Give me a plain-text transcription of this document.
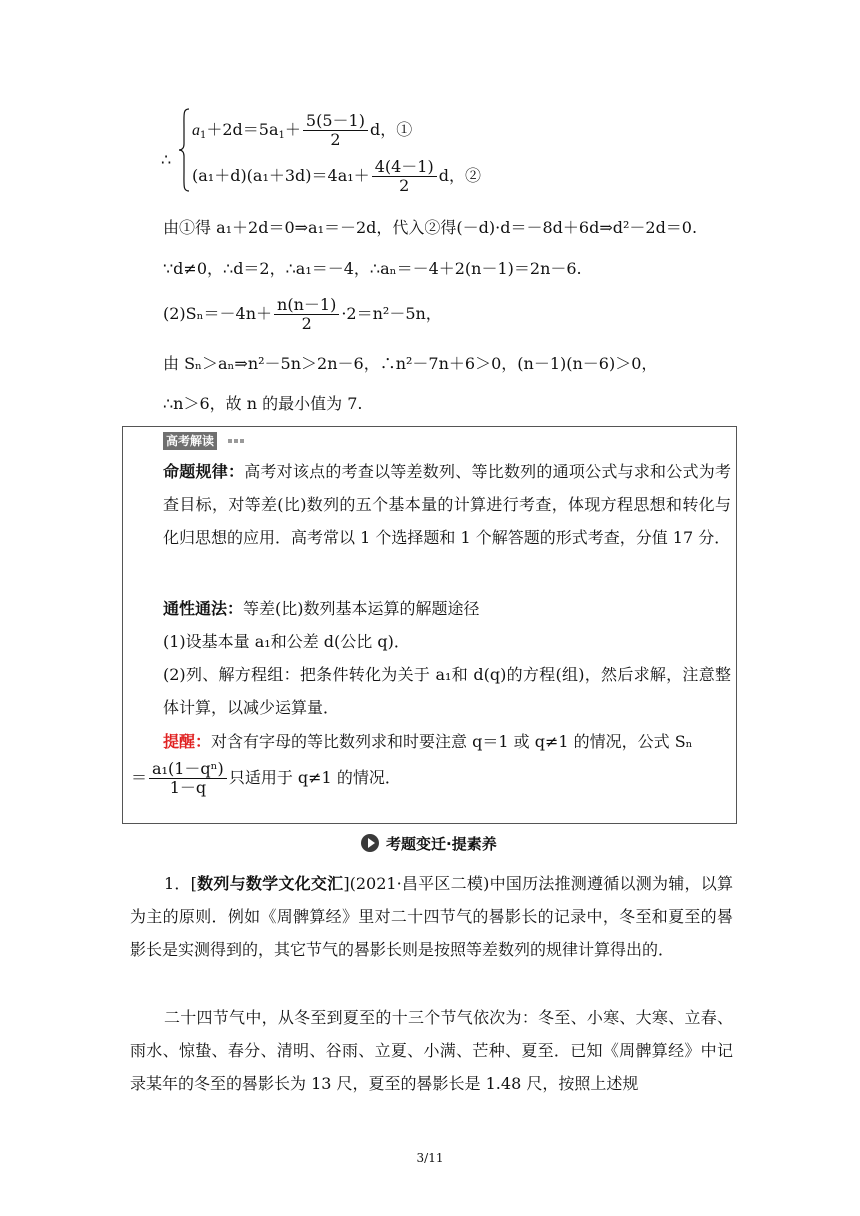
∴
$a_1+2d=5a_1+ \frac{5(5-1)}{2}$ d，①
$(a_1+d)(a_1+3d)=4a_1+ \frac{4(4-1)}{2}$ d，②
由①得 a₁＋2d＝0⇒a₁＝－2d，代入②得(－d)·d＝－8d＋6d⇒d²－2d＝0.
∵d≠0，∴d＝2，∴a₁＝－4，∴aₙ＝－4＋2(n－1)＝2n－6.
$(2)S_n=-4n+ \frac{n(n-1)}{2} \cdot 2=n^2-5n$，
由 Sₙ＞aₙ⇒n²－5n＞2n－6，∴n²－7n＋6＞0，(n－1)(n－6)＞0，
∴n＞6，故 n 的最小值为 7.
高考解读
命题规律：高考对该点的考查以等差数列、等比数列的通项公式与求和公式为考查目标，对等差(比)数列的五个基本量的计算进行考查，体现方程思想和转化与化归思想的应用．高考常以 1 个选择题和 1 个解答题的形式考查，分值 17 分．
通性通法：等差(比)数列基本运算的解题途径
(1)设基本量 a₁和公差 d(公比 q)．
(2)列、解方程组：把条件转化为关于 a₁和 d(q)的方程(组)，然后求解，注意整体计算，以减少运算量．
提醒：对含有字母的等比数列求和时要注意 q＝1 或 q≠1 的情况，公式 Sₙ
＝ $\frac{\text{a₁(1－qⁿ)}}{1-q}$ 只适用于 q≠1 的情况．
考题变迁·提素养
1．[数列与数学文化交汇](2021·昌平区二模)中国历法推测遵循以测为辅，以算为主的原则．例如《周髀算经》里对二十四节气的晷影长的记录中，冬至和夏至的晷影长是实测得到的，其它节气的晷影长则是按照等差数列的规律计算得出的．
二十四节气中，从冬至到夏至的十三个节气依次为：冬至、小寒、大寒、立春、雨水、惊蛰、春分、清明、谷雨、立夏、小满、芒种、夏至．已知《周髀算经》中记录某年的冬至的晷影长为 13 尺，夏至的晷影长是 1.48 尺，按照上述规
3/11
